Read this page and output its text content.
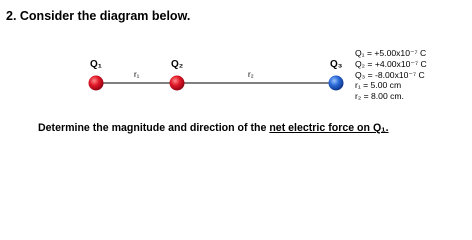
2. Consider the diagram below.
Q₁	Q₂	Q₃
r₁	r₂
Q₁ = +5.00x10⁻⁷ C
Q₂ = +4.00x10⁻⁷ C
Q₃ = -8.00x10⁻⁷ C
r₁ = 5.00 cm
r₂ = 8.00 cm.
Determine the magnitude and direction of the net electric force on Q₁.
